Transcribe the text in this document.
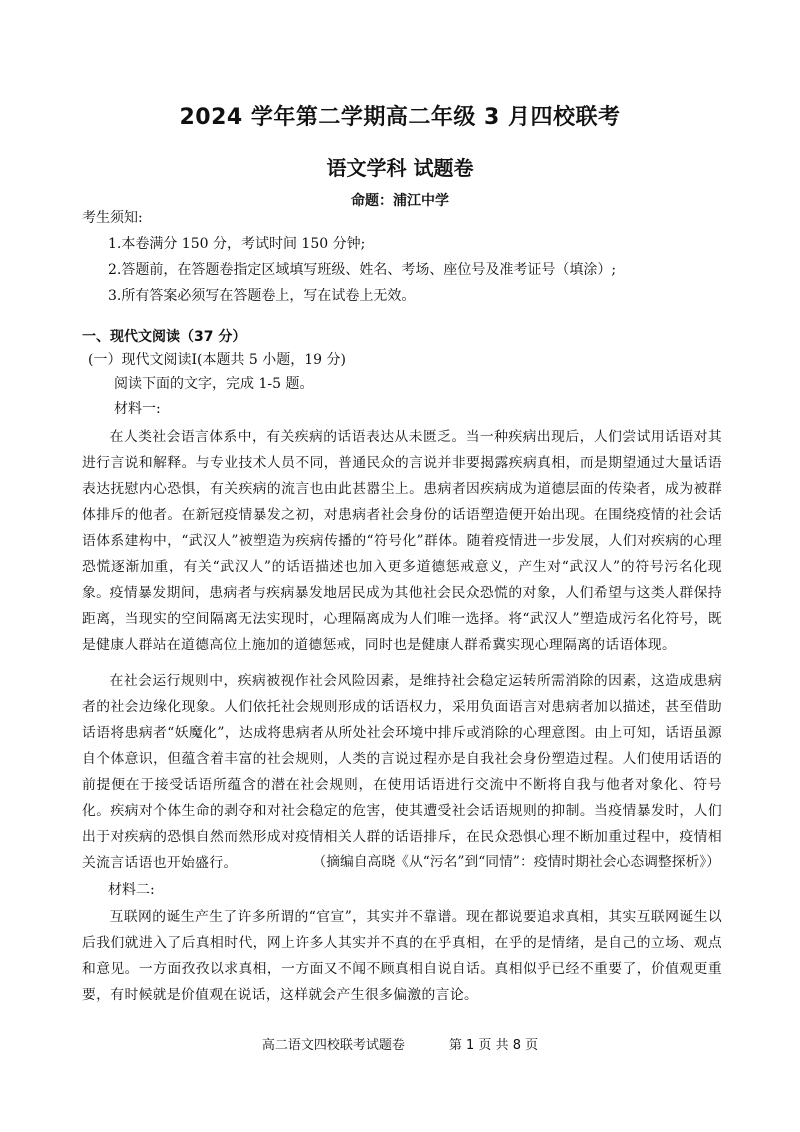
2024 学年第二学期高二年级 3 月四校联考
语文学科 试题卷
命题：浦江中学
考生须知:
1.本卷满分 150 分，考试时间 150 分钟;
2.答题前，在答题卷指定区域填写班级、姓名、考场、座位号及准考证号（填涂）;
3.所有答案必须写在答题卷上，写在试卷上无效。
一、现代文阅读（37 分）
(一）现代文阅读Ⅰ(本题共 5 小题，19 分)
阅读下面的文字，完成 1-5 题。
材料一:

在人类社会语言体系中，有关疾病的话语表达从未匮乏。当一种疾病出现后，人们尝试用话语对其进行言说和解释。与专业技术人员不同，普通民众的言说并非要揭露疾病真相，而是期望通过大量话语表达抚慰内心恐惧，有关疾病的流言也由此甚嚣尘上。患病者因疾病成为道德层面的传染者，成为被群体排斥的他者。在新冠疫情暴发之初，对患病者社会身份的话语塑造便开始出现。在围绕疫情的社会话语体系建构中，“武汉人”被塑造为疾病传播的“符号化”群体。随着疫情进一步发展，人们对疾病的心理恐慌逐渐加重，有关“武汉人”的话语描述也加入更多道德惩戒意义，产生对“武汉人”的符号污名化现象。 疫情暴发期间，患病者与疾病暴发地居民成为其他社会民众恐慌的对象，人们希望与这类人群保持距离，当现实的空间隔离无法实现时，心理隔离成为人们唯一选择。将“武汉人”塑造成污名化符号，既是健康人群站在道德高位上施加的道德惩戒，同时也是健康人群希冀实现心理隔离的话语体现。

在社会运行规则中，疾病被视作社会风险因素，是维持社会稳定运转所需消除的因素，这造成患病者的社会边缘化现象。人们依托社会规则形成的话语权力，采用负面语言对患病者加以描述，甚至借助话语将患病者“妖魔化”，达成将患病者从所处社会环境中排斥或消除的心理意图。由上可知，话语虽源自个体意识，但蕴含着丰富的社会规则，人类的言说过程亦是自我社会身份塑造过程。人们使用话语的前提便在于接受话语所蕴含的潜在社会规则，在使用话语进行交流中不断将自我与他者对象化、符号化。疾病对个体生命的剥夺和对社会稳定的危害，使其遭受社会话语规则的抑制。当疫情暴发时，人们出于对疾病的恐惧自然而然形成对疫情相关人群的话语排斥，在民众恐惧心理不断加重过程中，疫情相关流言话语也开始盛行。	（摘编自高晓《从“污名”到“同情”：疫情时期社会心态调整探析》）
材料二:

互联网的诞生产生了许多所谓的“官宣”，其实并不靠谱。现在都说要追求真相，其实互联网诞生以后我们就进入了后真相时代，网上许多人其实并不真的在乎真相，在乎的是情绪，是自己的立场、观点和意见。一方面孜孜以求真相，一方面又不闻不顾真相自说自话。真相似乎已经不重要了，价值观更重要，有时候就是价值观在说话，这样就会产生很多偏激的言论。

高二语文四校联考试题卷	第 1 页 共 8 页
